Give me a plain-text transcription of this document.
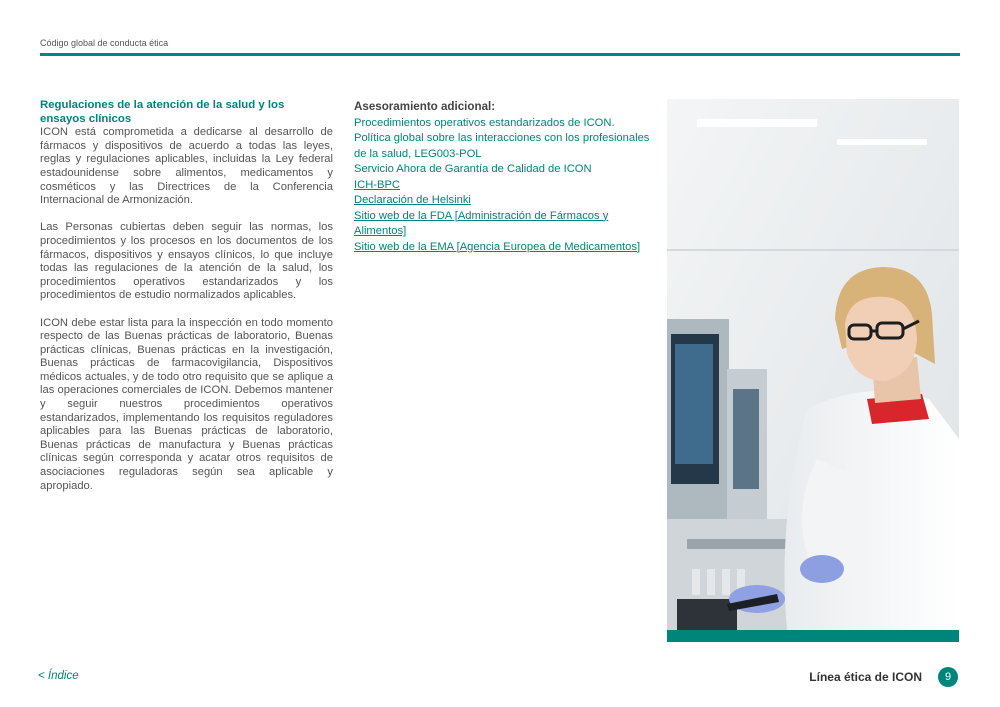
Código global de conducta ética
Regulaciones de la atención de la salud y los ensayos clínicos

ICON está comprometida a dedicarse al desarrollo de fármacos y dispositivos de acuerdo a todas las leyes, reglas y regulaciones aplicables, incluidas la Ley federal estadounidense sobre alimentos, medicamentos y cosméticos y las Directrices de la Conferencia Internacional de Armonización.

Las Personas cubiertas deben seguir las normas, los procedimientos y los procesos en los documentos de los fármacos, dispositivos y ensayos clínicos, lo que incluye todas las regulaciones de la atención de la salud, los procedimientos operativos estandarizados y los procedimientos de estudio normalizados aplicables.

ICON debe estar lista para la inspección en todo momento respecto de las Buenas prácticas de laboratorio, Buenas prácticas clínicas, Buenas prácticas en la investigación, Buenas prácticas de farmacovigilancia, Dispositivos médicos actuales, y de todo otro requisito que se aplique a las operaciones comerciales de ICON. Debemos mantener y seguir nuestros procedimientos operativos estandarizados, implementando los requisitos reguladores aplicables para las Buenas prácticas de laboratorio, Buenas prácticas de manufactura y Buenas prácticas clínicas según corresponda y acatar otros requisitos de asociaciones reguladoras según sea aplicable y apropiado.

Asesoramiento adicional:
Procedimientos operativos estandarizados de ICON.
Política global sobre las interacciones con los profesionales de la salud, LEG003-POL
Servicio Ahora de Garantía de Calidad de ICON
ICH-BPC
Declaración de Helsinki
Sitio web de la FDA [Administración de Fármacos y Alimentos]
Sitio web de la EMA [Agencia Europea de Medicamentos]
< Índice	Línea ética de ICON	9
